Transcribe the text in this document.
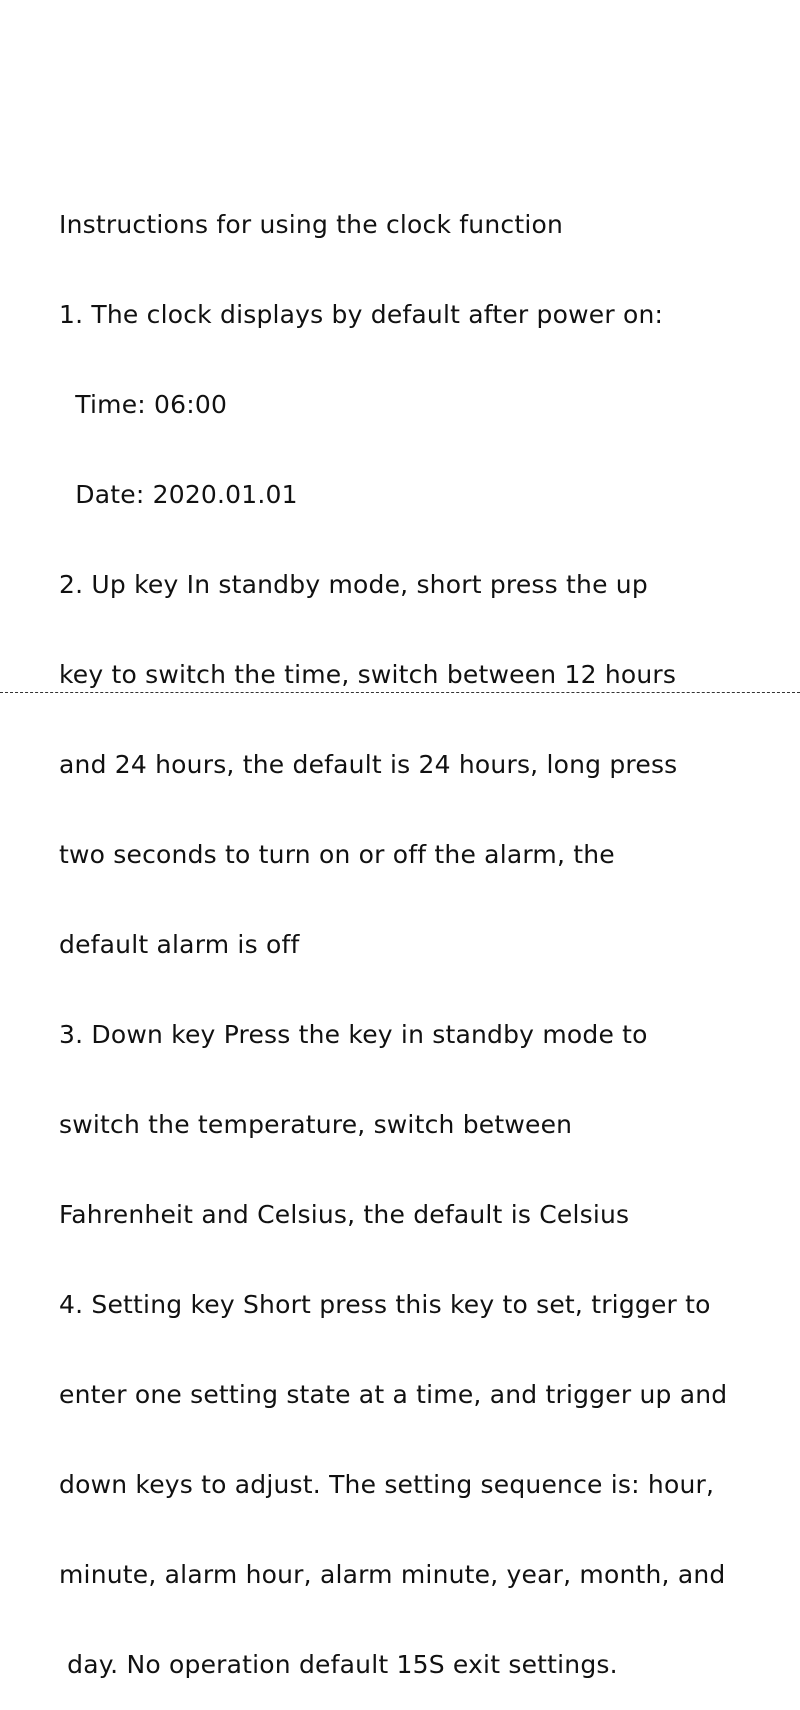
Instructions for using the clock function

1. The clock displays by default after power on:

Time: 06:00

Date: 2020.01.01

2. Up key In standby mode, short press the up

key to switch the time, switch between 12 hours

and 24 hours, the default is 24 hours, long press

two seconds to turn on or off the alarm, the

default alarm is off

3. Down key Press the key in standby mode to

switch the temperature, switch between

Fahrenheit and Celsius, the default is Celsius

4. Setting key Short press this key to set, trigger to

enter one setting state at a time, and trigger up and

down keys to adjust. The setting sequence is: hour,

minute, alarm hour, alarm minute, year, month, and

day. No operation default 15S exit settings.
